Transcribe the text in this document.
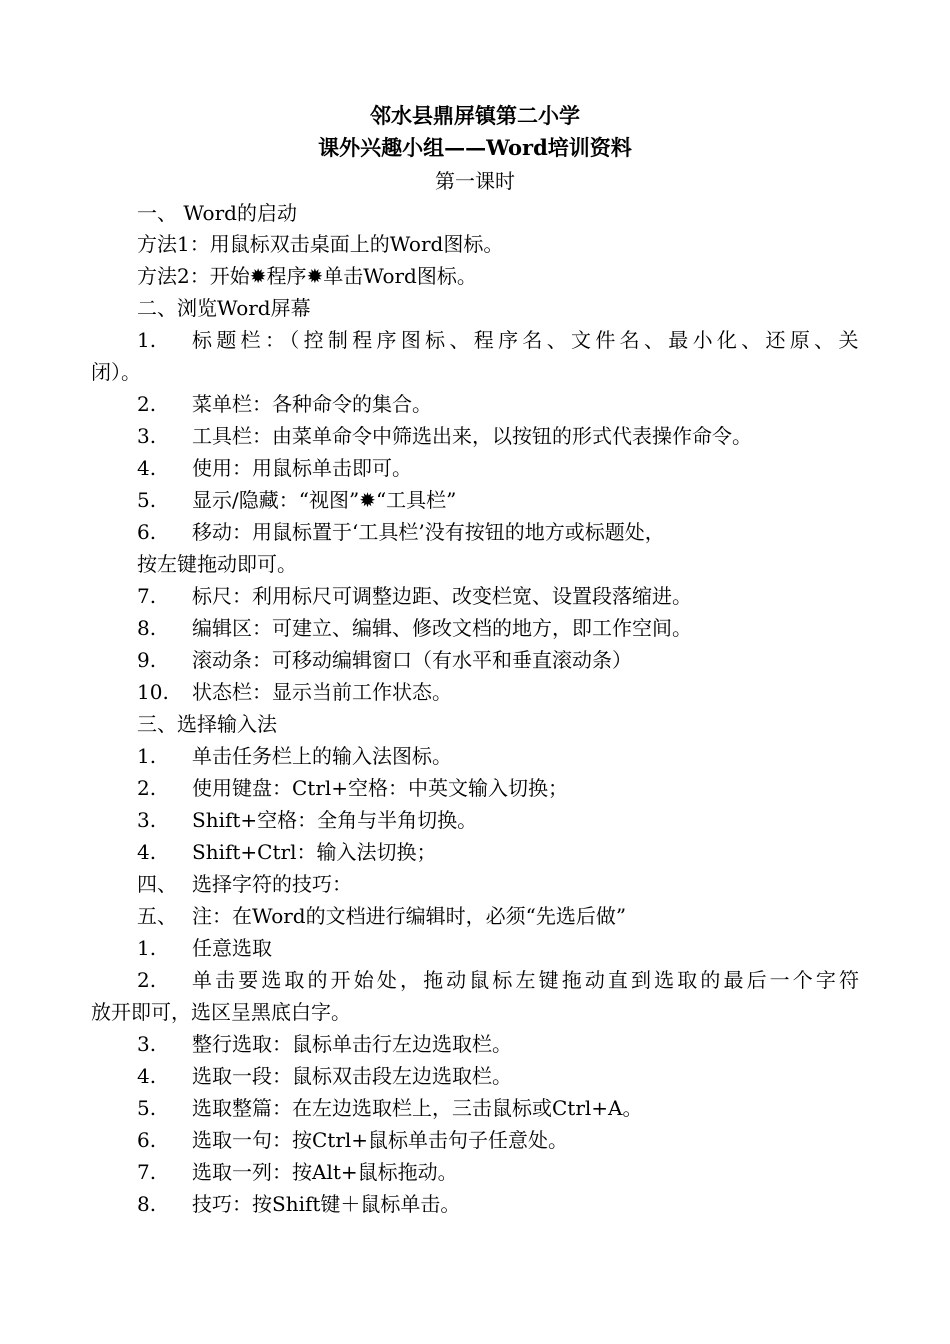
邻水县鼎屏镇第二小学
课外兴趣小组——Word培训资料
第一课时
一、 Word的启动
方法1：用鼠标双击桌面上的Word图标。
方法2：开始✹程序✹单击Word图标。
二、浏览Word屏幕
1. 标题栏：（控制程序图标、程序名、文件名、最小化、还原、关
闭）。
2. 菜单栏：各种命令的集合。
3. 工具栏：由菜单命令中筛选出来，以按钮的形式代表操作命令。
4. 使用：用鼠标单击即可。
5. 显示/隐藏：“视图”✹“工具栏”
6. 移动：用鼠标置于‘工具栏’没有按钮的地方或标题处，
按左键拖动即可。
7. 标尺：利用标尺可调整边距、改变栏宽、设置段落缩进。
8. 编辑区：可建立、编辑、修改文档的地方，即工作空间。
9. 滚动条：可移动编辑窗口（有水平和垂直滚动条）
10. 状态栏：显示当前工作状态。
三、选择输入法
1. 单击任务栏上的输入法图标。
2. 使用键盘：Ctrl+空格：中英文输入切换；
3. Shift+空格：全角与半角切换。
4. Shift+Ctrl：输入法切换；
四、 选择字符的技巧：
五、 注：在Word的文档进行编辑时，必须“先选后做”
1. 任意选取
2. 单击要选取的开始处，拖动鼠标左键拖动直到选取的最后一个字符
放开即可，选区呈黑底白字。
3. 整行选取：鼠标单击行左边选取栏。
4. 选取一段：鼠标双击段左边选取栏。
5. 选取整篇：在左边选取栏上，三击鼠标或Ctrl+A。
6. 选取一句：按Ctrl+鼠标单击句子任意处。
7. 选取一列：按Alt+鼠标拖动。
8. 技巧：按Shift键＋鼠标单击。
